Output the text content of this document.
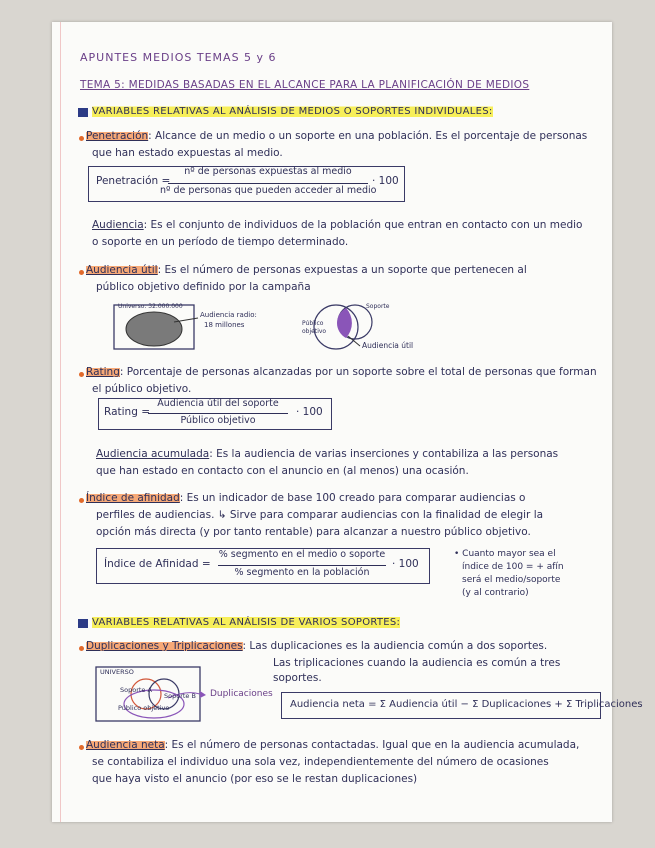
APUNTES MEDIOS TEMAS 5 y 6
TEMA 5: MEDIDAS BASADAS EN EL ALCANCE PARA LA PLANIFICACIÓN DE MEDIOS
VARIABLES RELATIVAS AL ANÁLISIS DE MEDIOS O SOPORTES INDIVIDUALES:
Penetración: Alcance de un medio o un soporte en una población. Es el porcentaje de personas
que han estado expuestas al medio.
Penetración =
nº de personas expuestas al medio
nº de personas que pueden acceder al medio
· 100
Audiencia: Es el conjunto de individuos de la población que entran en contacto con un medio
o soporte en un período de tiempo determinado.
Audiencia útil: Es el número de personas expuestas a un soporte que pertenecen al
público objetivo definido por la campaña
Universo: 32.000.000
Audiencia radio:
18 millones
Soporte
Público
objetivo
Audiencia útil
Rating: Porcentaje de personas alcanzadas por un soporte sobre el total de personas que forman
el público objetivo.
Rating =
Audiencia útil del soporte
Público objetivo
· 100
Audiencia acumulada: Es la audiencia de varias inserciones y contabiliza a las personas
que han estado en contacto con el anuncio en (al menos) una ocasión.
Índice de afinidad: Es un indicador de base 100 creado para comparar audiencias o
perfiles de audiencias. ↳ Sirve para comparar audiencias con la finalidad de elegir la
opción más directa (y por tanto rentable) para alcanzar a nuestro público objetivo.
Índice de Afinidad =
% segmento en el medio o soporte
% segmento en la población
· 100
• Cuanto mayor sea el
índice de 100 = + afín
será el medio/soporte
(y al contrario)
VARIABLES RELATIVAS AL ANÁLISIS DE VARIOS SOPORTES:
Duplicaciones y Triplicaciones: Las duplicaciones es la audiencia común a dos soportes.
Las triplicaciones cuando la audiencia es común a tres
soportes.
UNIVERSO
Soporte A
Soporte B
Público objetivo
Duplicaciones
Audiencia neta = Σ Audiencia útil − Σ Duplicaciones + Σ Triplicaciones
Audiencia neta: Es el número de personas contactadas. Igual que en la audiencia acumulada,
se contabiliza el individuo una sola vez, independientemente del número de ocasiones
que haya visto el anuncio (por eso se le restan duplicaciones)
